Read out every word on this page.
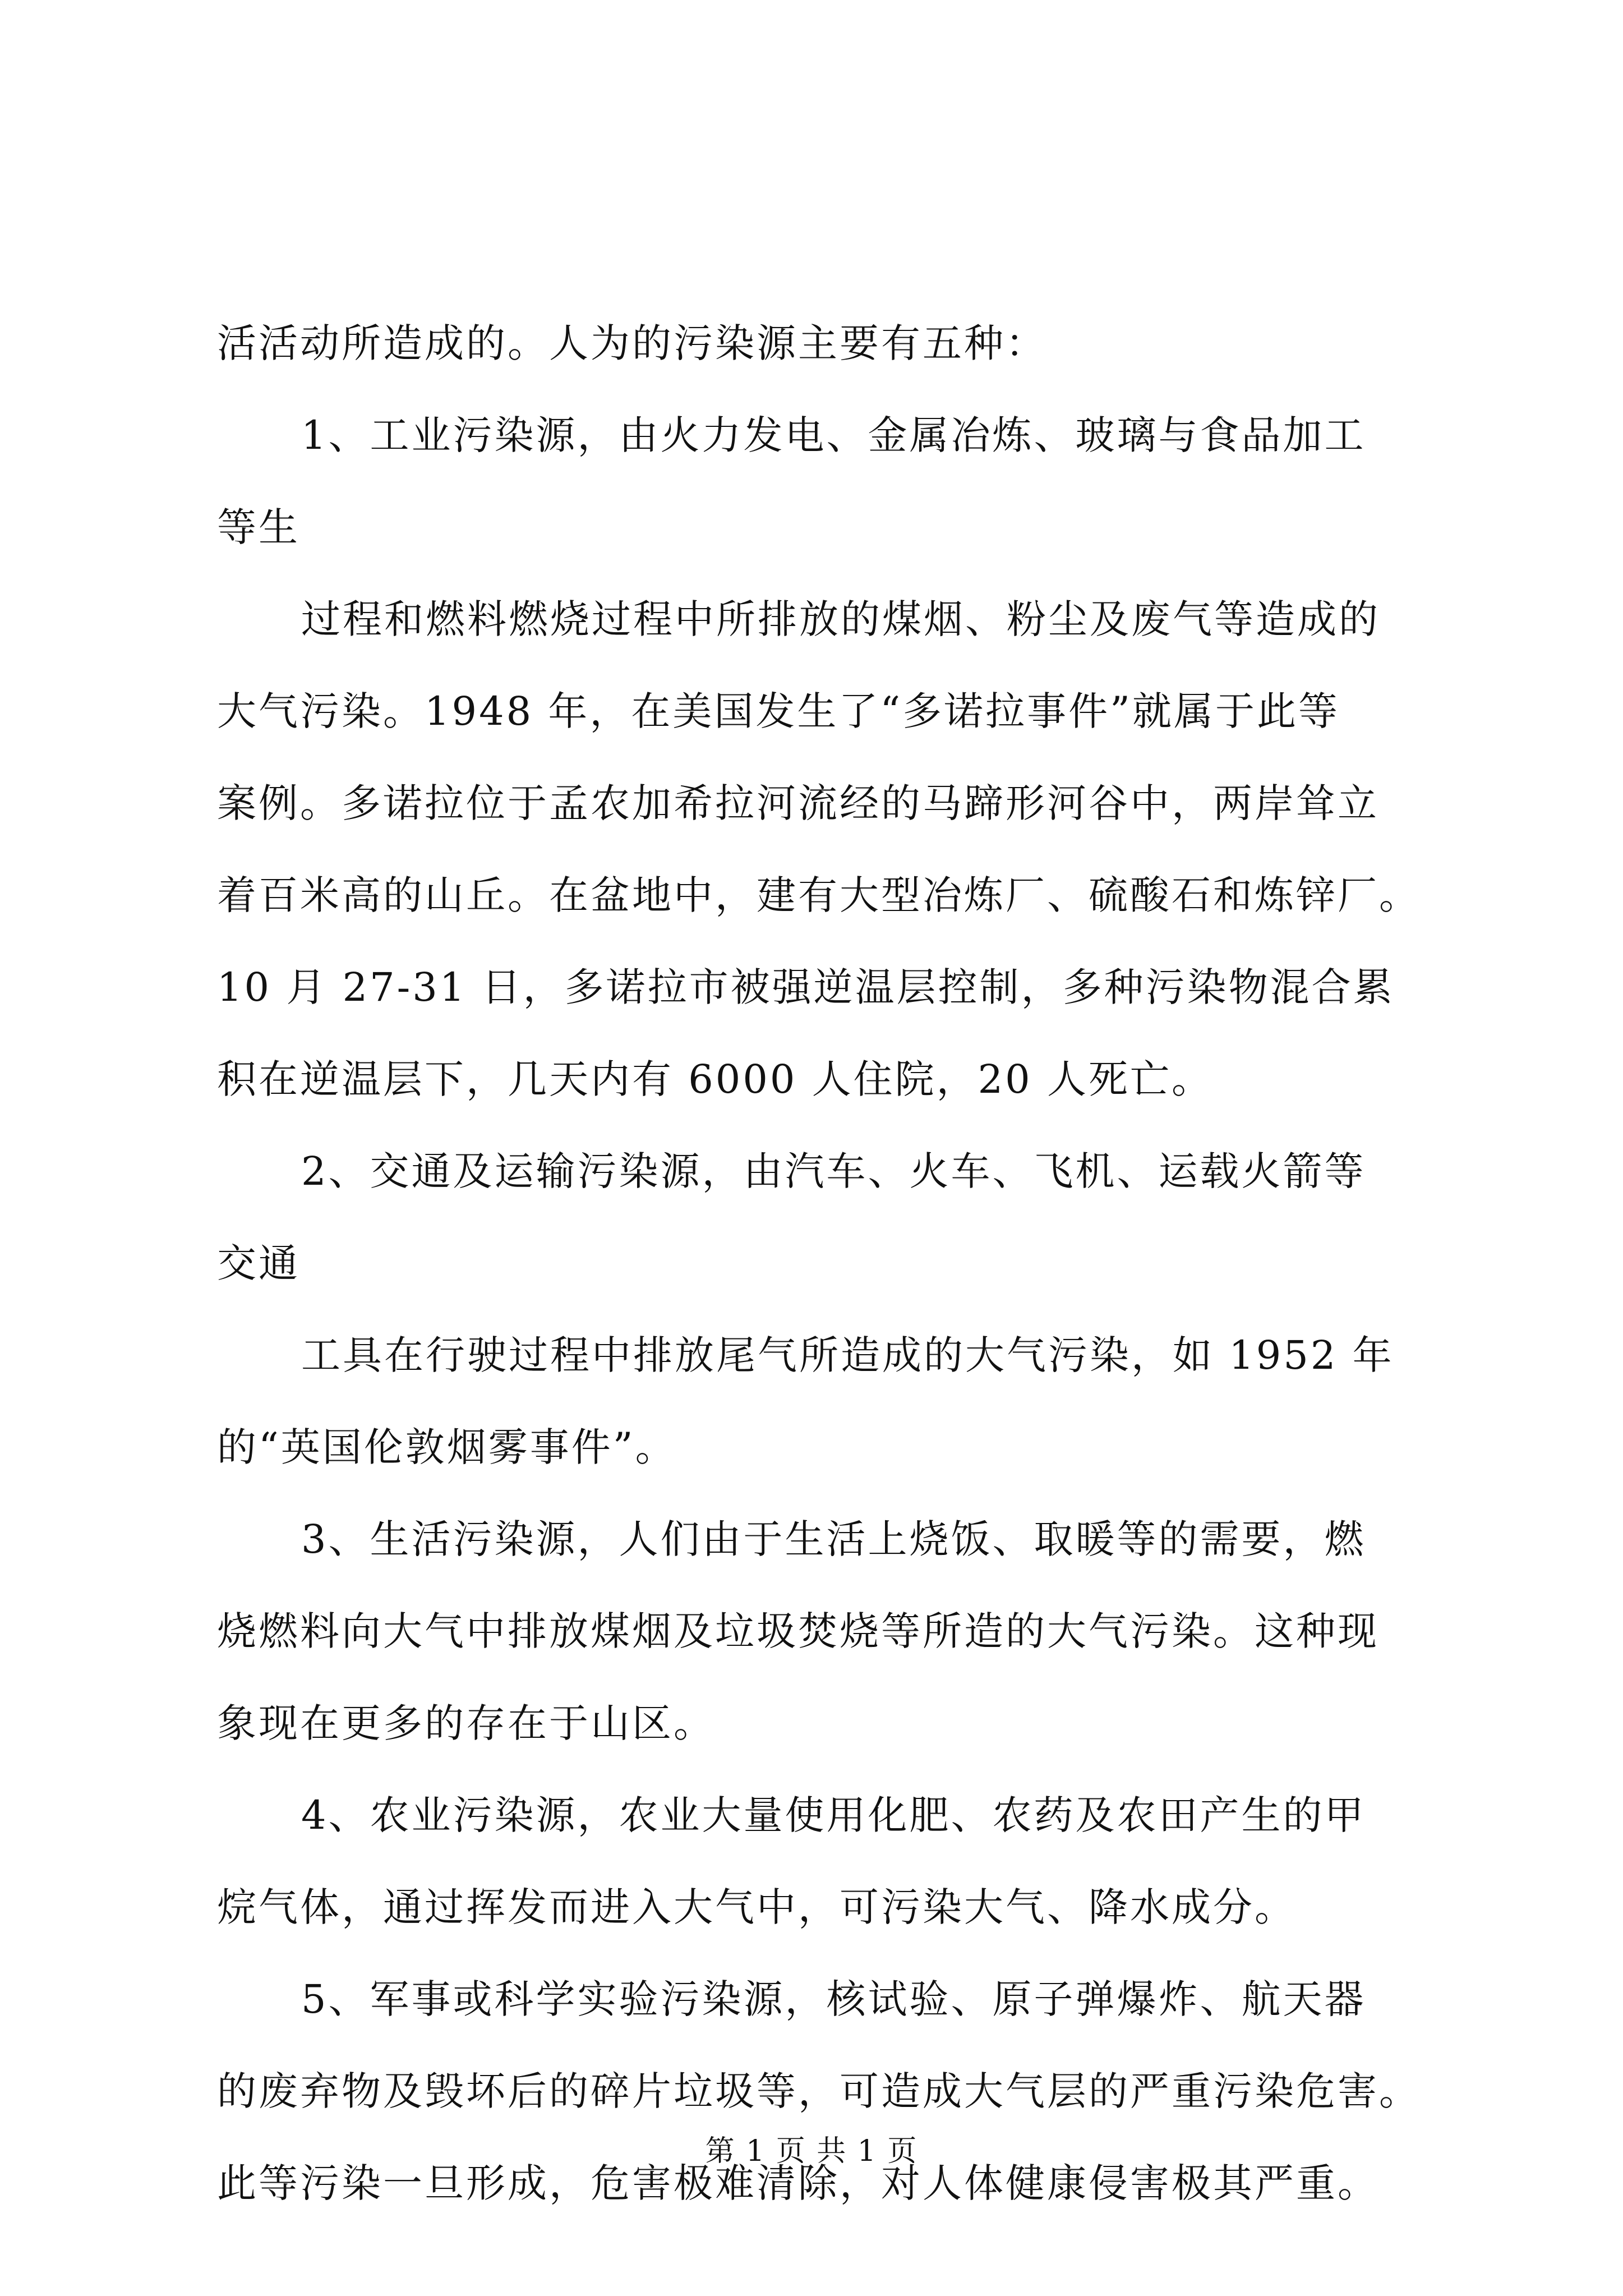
活活动所造成的。人为的污染源主要有五种：

1、工业污染源，由火力发电、金属冶炼、玻璃与食品加工

等生

过程和燃料燃烧过程中所排放的煤烟、粉尘及废气等造成的

大气污染。1948 年，在美国发生了“多诺拉事件”就属于此等

案例。多诺拉位于孟农加希拉河流经的马蹄形河谷中，两岸耸立

着百米高的山丘。在盆地中，建有大型冶炼厂、硫酸石和炼锌厂。

10 月 27-31 日，多诺拉市被强逆温层控制，多种污染物混合累

积在逆温层下，几天内有 6000 人住院，20 人死亡。

2、交通及运输污染源，由汽车、火车、飞机、运载火箭等

交通

工具在行驶过程中排放尾气所造成的大气污染，如 1952 年

的“英国伦敦烟雾事件”。

3、生活污染源，人们由于生活上烧饭、取暖等的需要，燃

烧燃料向大气中排放煤烟及垃圾焚烧等所造的大气污染。这种现

象现在更多的存在于山区。

4、农业污染源，农业大量使用化肥、农药及农田产生的甲

烷气体，通过挥发而进入大气中，可污染大气、降水成分。

5、军事或科学实验污染源，核试验、原子弹爆炸、航天器

的废弃物及毁坏后的碎片垃圾等，可造成大气层的严重污染危害。

此等污染一旦形成，危害极难清除，对人体健康侵害极其严重。

第 1 页 共 1 页
